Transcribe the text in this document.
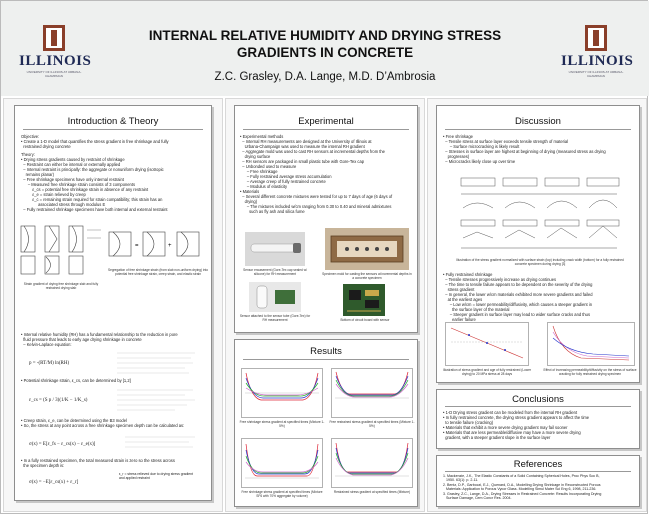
ILLINOIS
UNIVERSITY OF ILLINOIS AT URBANA-CHAMPAIGN
INTERNAL RELATIVE HUMIDITY AND DRYING STRESS
GRADIENTS IN CONCRETE
Z.C. Grasley, D.A. Lange, M.D. D’Ambrosia
ILLINOIS
UNIVERSITY OF ILLINOIS AT URBANA-CHAMPAIGN
Introduction & Theory
Objective:
• Create a 1-D model that quantifies the stress gradient in free shrinkage and fully
restrained drying concrete
Theory:
• Drying stress gradients caused by restraint of shrinkage
– Restraint can either be internal or externally applied
– Internal restraint is principally: the aggregate or nonuniform drying (isotropic
remains planar)
– Free shrinkage specimens have only internal restraint
– Measured free shrinkage strain consists of 3 components
ε_cs = potential free shrinkage strain in absence of any restraint
ε_e = strain relieved by creep
ε_c = remaining strain required for strain compatibility; this strain has an
associated stress through modulus E
– Fully restrained shrinkage specimens have both internal and external restraint
=	+
Segregation of free shrinkage strain (from slab non-uniform drying) into potential free shrinkage strain, creep strain, and elastic strain
Strain gradient of drying free shrinkage slab and fully restrained drying slab
• Internal relative humidity (RH) has a fundamental relationship to the reduction in pore
fluid pressure that leads to early age drying shrinkage in concrete
– Kelvin-Laplace equation:
p = -(RT/M) ln(RH)
• Potential shrinkage strain, ε_cs, can be determined by [1,2]
ε_cs = (S p / 3)(1/K − 1/K_s)
• Creep strain, ε_e, can be determined using the B3 model
• So, the stress at any point across a free shrinkage specimen depth can be calculated as:
σ(x) = E[ε_fs − ε_cs(x) − ε_e(x)]
• In a fully restrained specimen, the total measured strain is zero so the stress across
the specimen depth is:
σ(x) = −E[ε_cs(x) + ε_r]
ε_r = stress relieved due to drying stress gradient
and applied restraint
Experimental
• Experimental methods
– Internal RH measurements are designed at the University of Illinois at
Urbana-Champaign was used to measure the internal RH gradient
– Aggregate mold was used to cast RH sensors at incremental depths from the
drying surface
– RH sensors are packaged in small plastic tube with Gore-Tex cap
– Unbonded used to measure
– Free shrinkage
– Fully restrained average stress accumulation
– Average creep of fully restrained concrete
– Modulus of elasticity
• Materials
– Several different concrete mixtures were tested for up to 7 days of age (6 days of
drying)
– The mixtures included w/cm ranging from 0.30 to 0.40 and mineral admixtures
such as fly ash and silica fume
Sensor encasement (Gore-Tex cap sealed w/ silicone) for RH measurement	Specimen mold for casting the sensors at incremental depths in a concrete specimen
Sensor attached to the sensor tube (Gore-Tex) for RH measurement	Bottom of circuit board with sensor
Results
Free shrinkage stress gradient at specified times (Mixture 1-5%)
Free restrained stress gradient at specified times (Mixture 1-5%)
Free shrinkage stress gradient at specified times (Mixture SF6 with 70% aggregate by volume)
Restrained stress gradient at specified times (Mixture)
Discussion
• Free shrinkage
– Tensile stress at surface layer exceeds tensile strength of material
– Surface microcracking is likely result
– Stresses in surface layer are highest at beginning of drying (measured stress as drying
progresses)
– Microcracks likely close up over time
Illustration of the stress gradient normalized with surface strain (top) including crack width (bottom) for a fully restrained concrete specimen during drying [3]
• Fully restrained shrinkage
– Tensile stresses progressively increase as drying continues
– The time to tensile failure appears to be dependent on the severity of the drying
stress gradient
– In general, the lower w/cm materials exhibited more severe gradients and failed
at the earliest ages
– Low w/cm = lower permeability/diffusivity, which causes a steeper gradient in
the surface layer of the material
– Steeper gradient in surface layer may lead to wider surface cracks and thus
earlier failure
Illustration of stress gradient and age of fully restrained (Lower drying) to 20 MPa stress at 28 days
Effect of increasing permeability/diffusivity on the stress of surface cracking for fully restrained drying specimen
Conclusions
• 1-D Drying stress gradient can be modeled from the internal RH gradient
• In fully restrained concrete, the drying stress gradient appears to affect the time
to tensile failure (cracking)
• Materials that exhibit a more severe drying gradient may fail sooner
• Materials that are less permeable/diffusive may have a more severe drying
gradient, with a steeper gradient slope in the surface layer
References
1. Mackenzie, J.K., The Elastic Constants of a Solid Containing Spherical Holes, Proc Phys Soc B,
1950. 63(1): p. 2-11.
2. Bentz, D.P., Garboczi, E.J., Quenard, D.A., Modelling Drying Shrinkage in Reconstructed Porous
Materials: Application to Porous Vycor Glass. Modelling Simul Mater Sci Eng 6, 1998, 211-236.
3. Grasley, Z.C., Lange, D.A., Drying Stresses in Restrained Concrete: Results Incorporating Drying
Surface Damage, Cem Concr Res. 2004.
